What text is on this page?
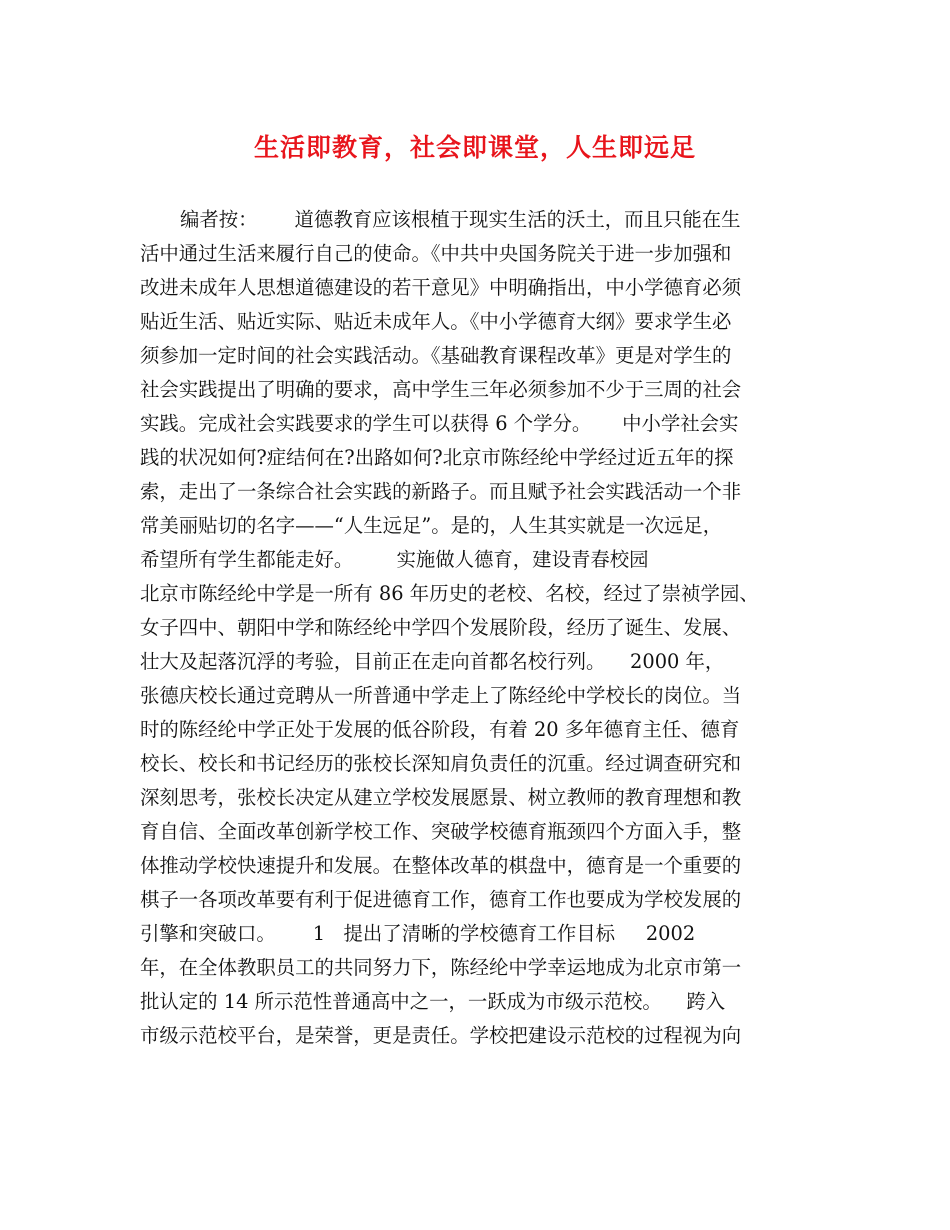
生活即教育，社会即课堂，人生即远足
编者按：      道德教育应该根植于现实生活的沃土，而且只能在生
活中通过生活来履行自己的使命。《中共中央国务院关于进一步加强和
改进未成年人思想道德建设的若干意见》中明确指出，中小学德育必须
贴近生活、贴近实际、贴近未成年人。《中小学德育大纲》要求学生必
须参加一定时间的社会实践活动。《基础教育课程改革》更是对学生的
社会实践提出了明确的要求，高中学生三年必须参加不少于三周的社会
实践。完成社会实践要求的学生可以获得 6 个学分。     中小学社会实
践的状况如何?症结何在?出路如何?北京市陈经纶中学经过近五年的探
索，走出了一条综合社会实践的新路子。而且赋予社会实践活动一个非
常美丽贴切的名字——“人生远足”。是的，人生其实就是一次远足，
希望所有学生都能走好。       实施做人德育，建设青春校园
北京市陈经纶中学是一所有 86 年历史的老校、名校，经过了崇祯学园、
女子四中、朝阳中学和陈经纶中学四个发展阶段，经历了诞生、发展、
壮大及起落沉浮的考验，目前正在走向首都名校行列。    2000 年，
张德庆校长通过竞聘从一所普通中学走上了陈经纶中学校长的岗位。当
时的陈经纶中学正处于发展的低谷阶段，有着 20 多年德育主任、德育
校长、校长和书记经历的张校长深知肩负责任的沉重。经过调查研究和
深刻思考，张校长决定从建立学校发展愿景、树立教师的教育理想和教
育自信、全面改革创新学校工作、突破学校德育瓶颈四个方面入手，整
体推动学校快速提升和发展。在整体改革的棋盘中，德育是一个重要的
棋子一各项改革要有利于促进德育工作，德育工作也要成为学校发展的
引擎和突破口。      1   提出了清晰的学校德育工作目标     2002
年，在全体教职员工的共同努力下，陈经纶中学幸运地成为北京市第一
批认定的 14 所示范性普通高中之一，一跃成为市级示范校。    跨入
市级示范校平台，是荣誉，更是责任。学校把建设示范校的过程视为向
